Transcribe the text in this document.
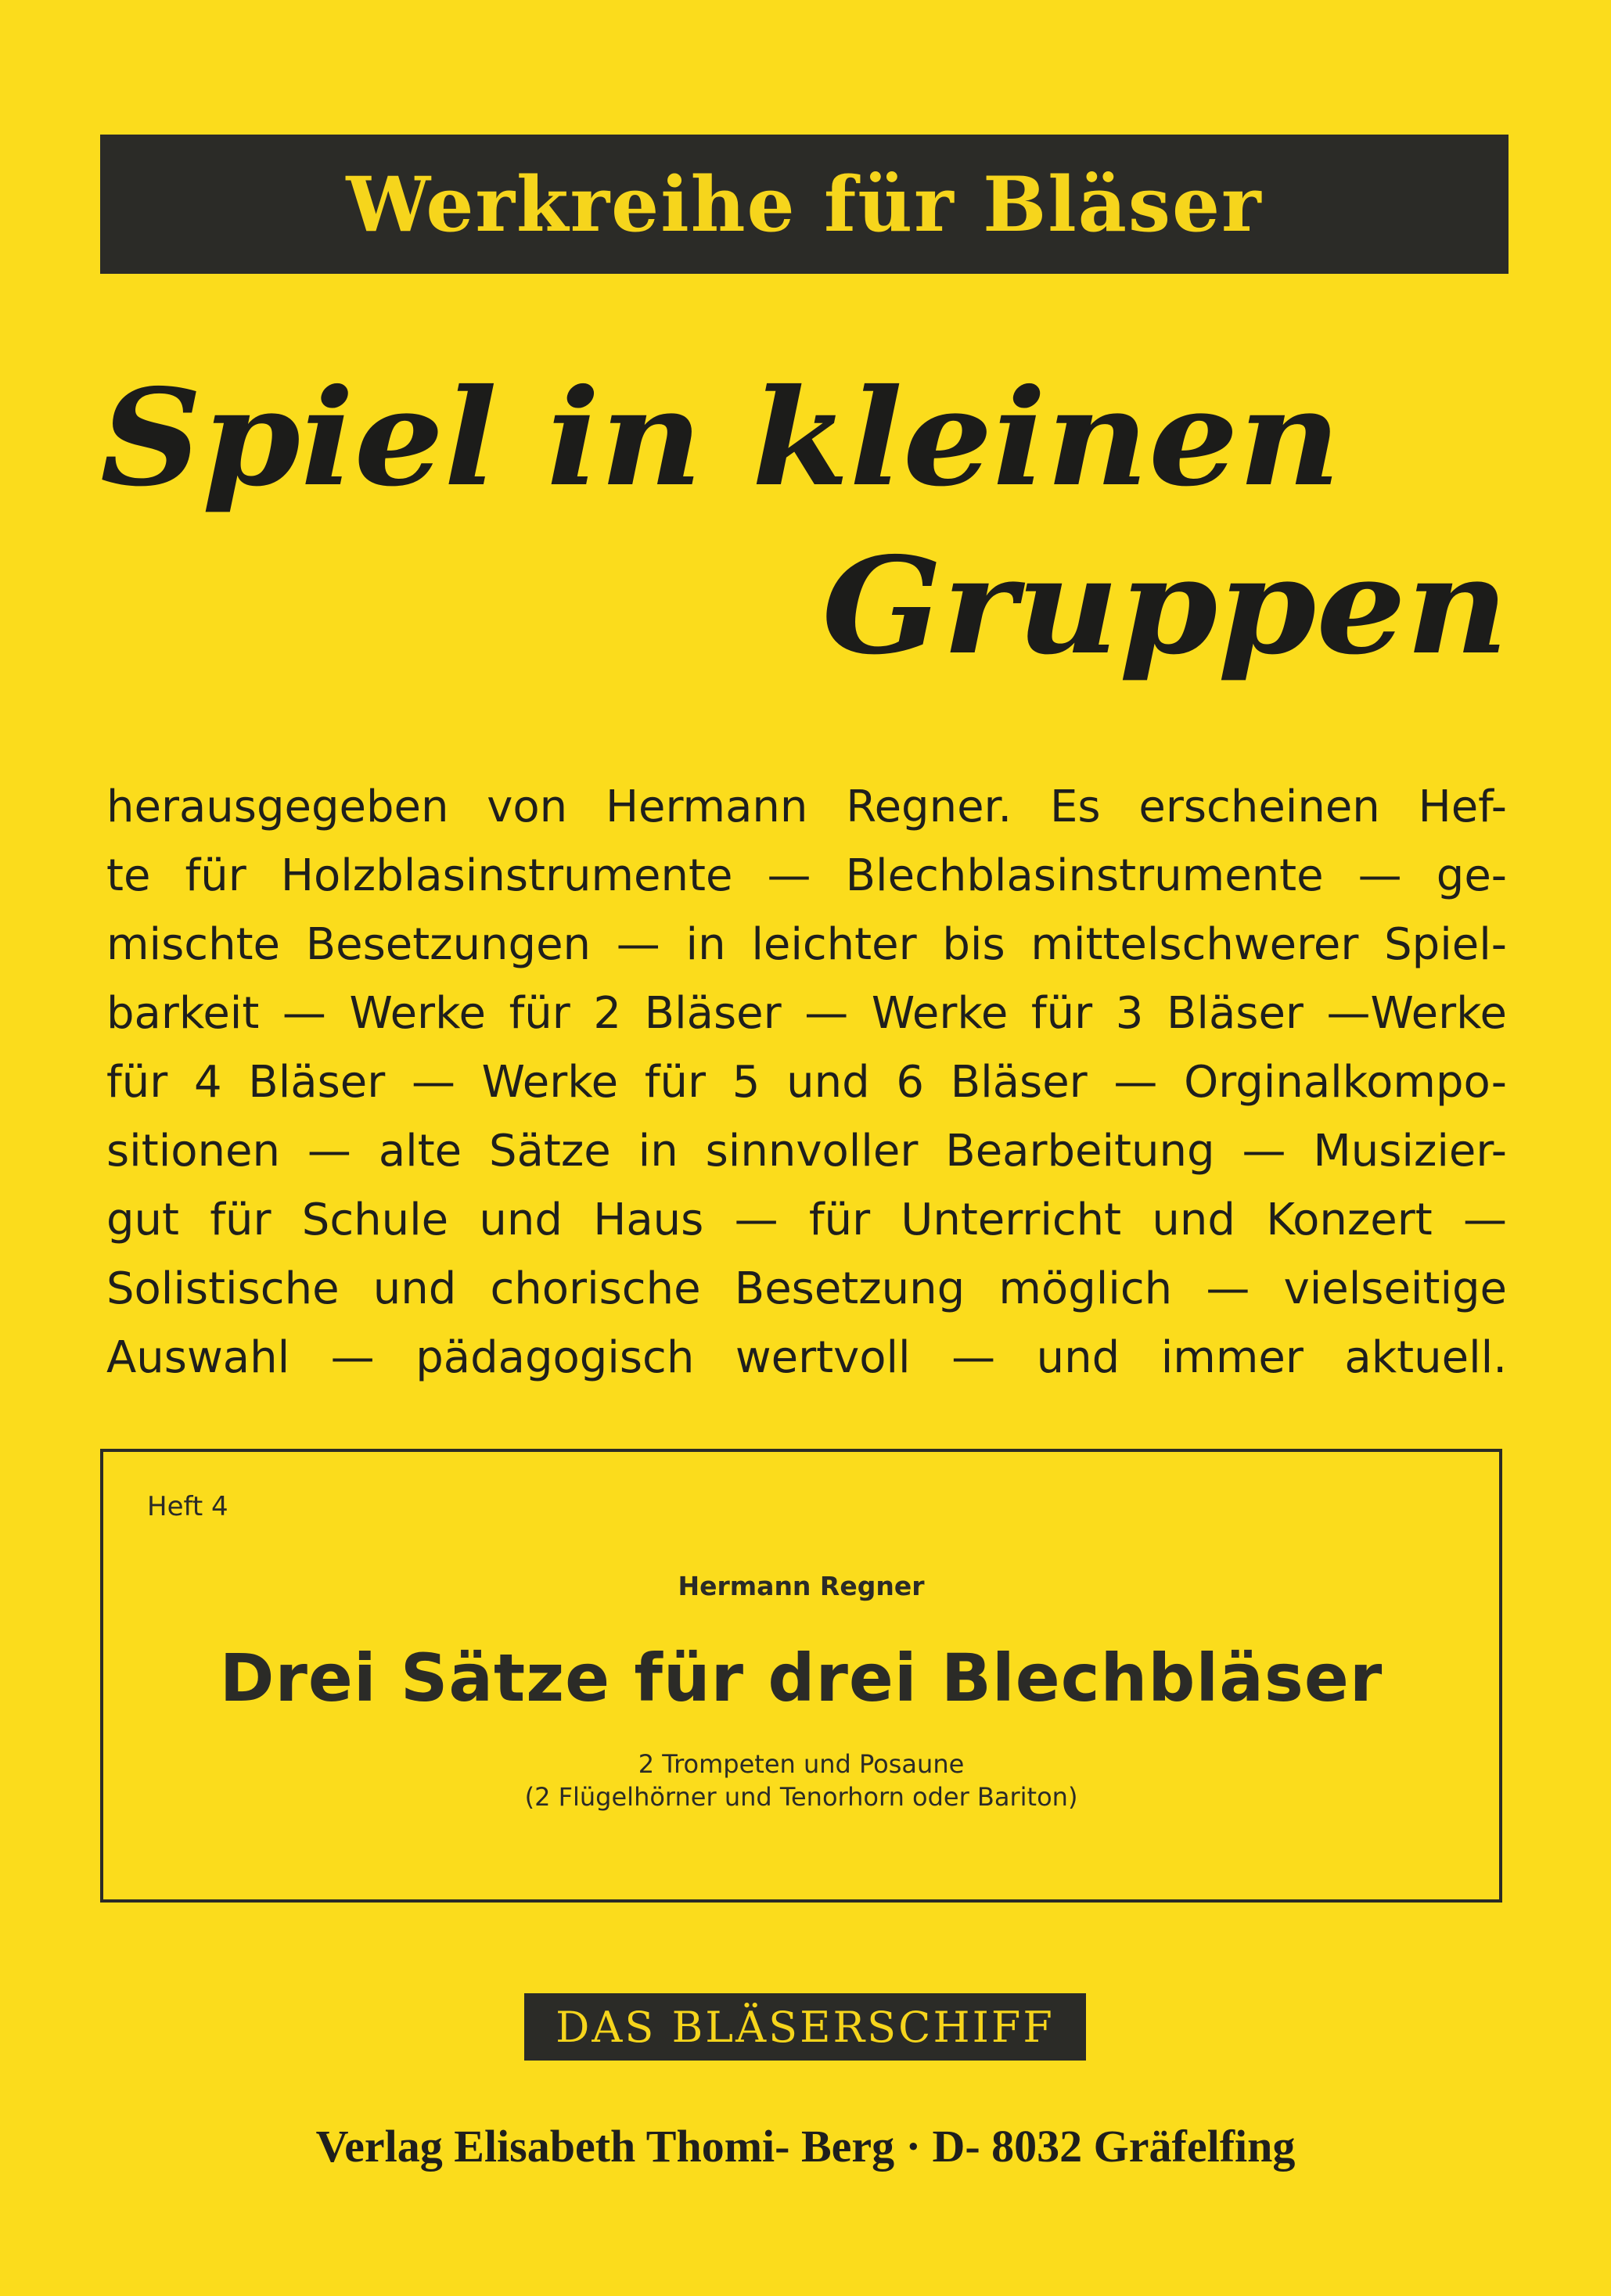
Werkreihe für Bläser
Spiel in kleinen
Gruppen

herausgegeben von Hermann Regner. Es erscheinen Hef-

te für Holzblasinstrumente — Blechblasinstrumente — ge-

mischte Besetzungen — in leichter bis mittelschwerer Spiel-

barkeit — Werke für 2 Bläser — Werke für 3 Bläser —Werke

für 4 Bläser — Werke für 5 und 6 Bläser — Orginalkompo-

sitionen — alte Sätze in sinnvoller Bearbeitung — Musizier-

gut für Schule und Haus — für Unterricht und Konzert —

Solistische und chorische Besetzung möglich — vielseitige

Auswahl — pädagogisch wertvoll — und immer aktuell.

Heft 4
Hermann Regner
Drei Sätze für drei Blechbläser
2 Trompeten und Posaune
(2 Flügelhörner und Tenorhorn oder Bariton)
DAS BLÄSERSCHIFF
Verlag Elisabeth Thomi- Berg · D- 8032 Gräfelfing
